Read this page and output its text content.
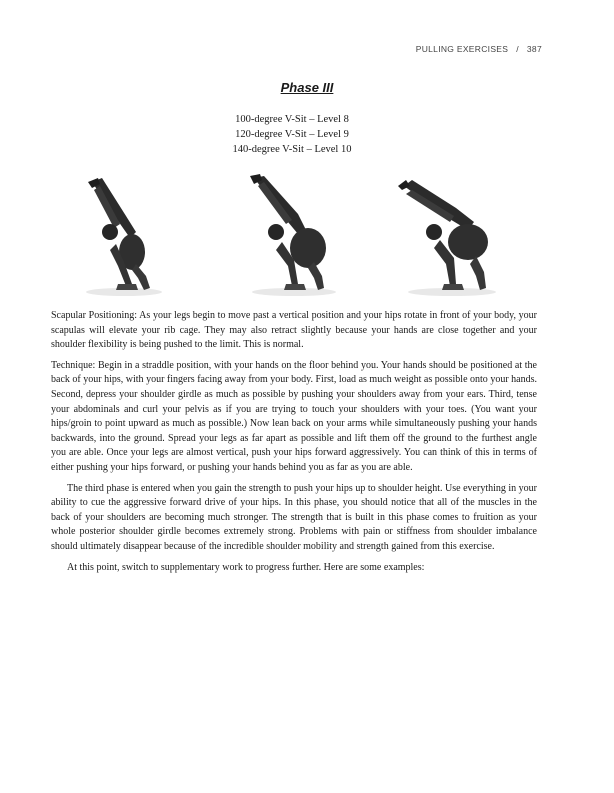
PULLING EXERCISES / 387
Phase III
100-degree V-Sit – Level 8
120-degree V-Sit – Level 9
140-degree V-Sit – Level 10

Scapular Positioning: As your legs begin to move past a vertical position and your hips rotate in front of your body, your scapulas will elevate your rib cage. They may also retract slightly because your hands are close together and your shoulder flexibility is being pushed to the limit. This is normal.

Technique: Begin in a straddle position, with your hands on the floor behind you. Your hands should be positioned at the back of your hips, with your fingers facing away from your body. First, load as much weight as possible onto your hands. Second, depress your shoulder girdle as much as possible by pushing your shoulders away from your ears. Third, tense your abdominals and curl your pelvis as if you are trying to touch your shoulders with your toes. (You want your hips/groin to point upward as much as possible.) Now lean back on your arms while simultaneously pushing your hands backwards, into the ground. Spread your legs as far apart as possible and lift them off the ground to the furthest angle you are able. Once your legs are almost vertical, push your hips forward aggressively. You can think of this in terms of either pushing your hips forward, or pushing your hands behind you as far as you are able.

The third phase is entered when you gain the strength to push your hips up to shoulder height. Use everything in your ability to cue the aggressive forward drive of your hips. In this phase, you should notice that all of the muscles in the back of your shoulders are becoming much stronger. The strength that is built in this phase comes to fruition as your whole posterior shoulder girdle becomes extremely strong. Problems with pain or stiffness from shoulder imbalance should ultimately disappear because of the incredible shoulder mobility and strength gained from this exercise.

At this point, switch to supplementary work to progress further. Here are some examples:
